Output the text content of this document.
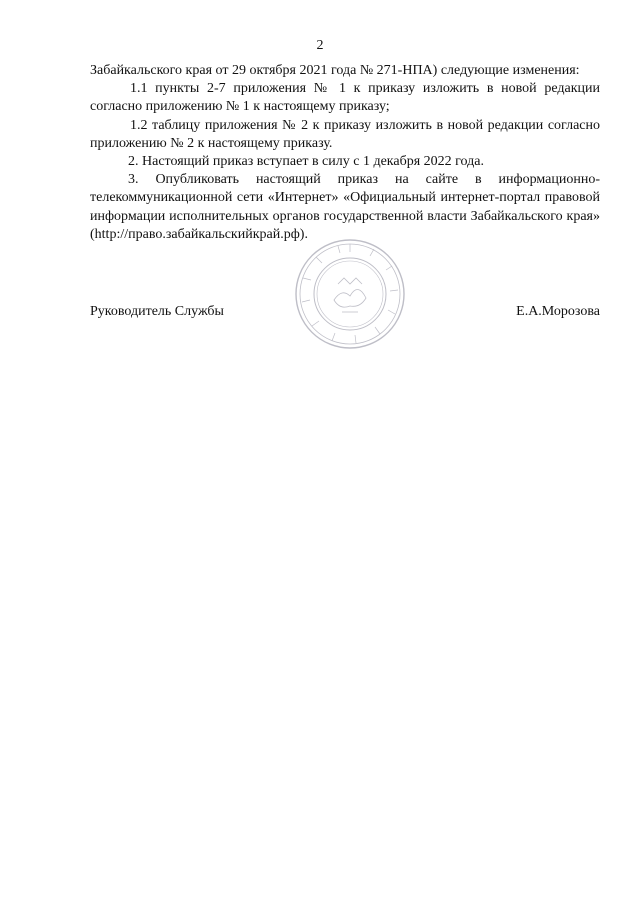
2

Забайкальского края от 29 октября 2021 года № 271-НПА) следующие изменения:

1.1 пункты 2-7 приложения № 1 к приказу изложить в новой редакции согласно приложению № 1 к настоящему приказу;

1.2 таблицу приложения № 2 к приказу изложить в новой редакции согласно приложению № 2 к настоящему приказу.

2. Настоящий приказ вступает в силу с 1 декабря 2022 года.

3. Опубликовать настоящий приказ на сайте в информационно-телекоммуникационной сети «Интернет» «Официальный интернет-портал правовой информации исполнительных органов государственной власти Забайкальского края» (http://право.забайкальскийкрай.рф).

Руководитель Службы	Е.А.Морозова
